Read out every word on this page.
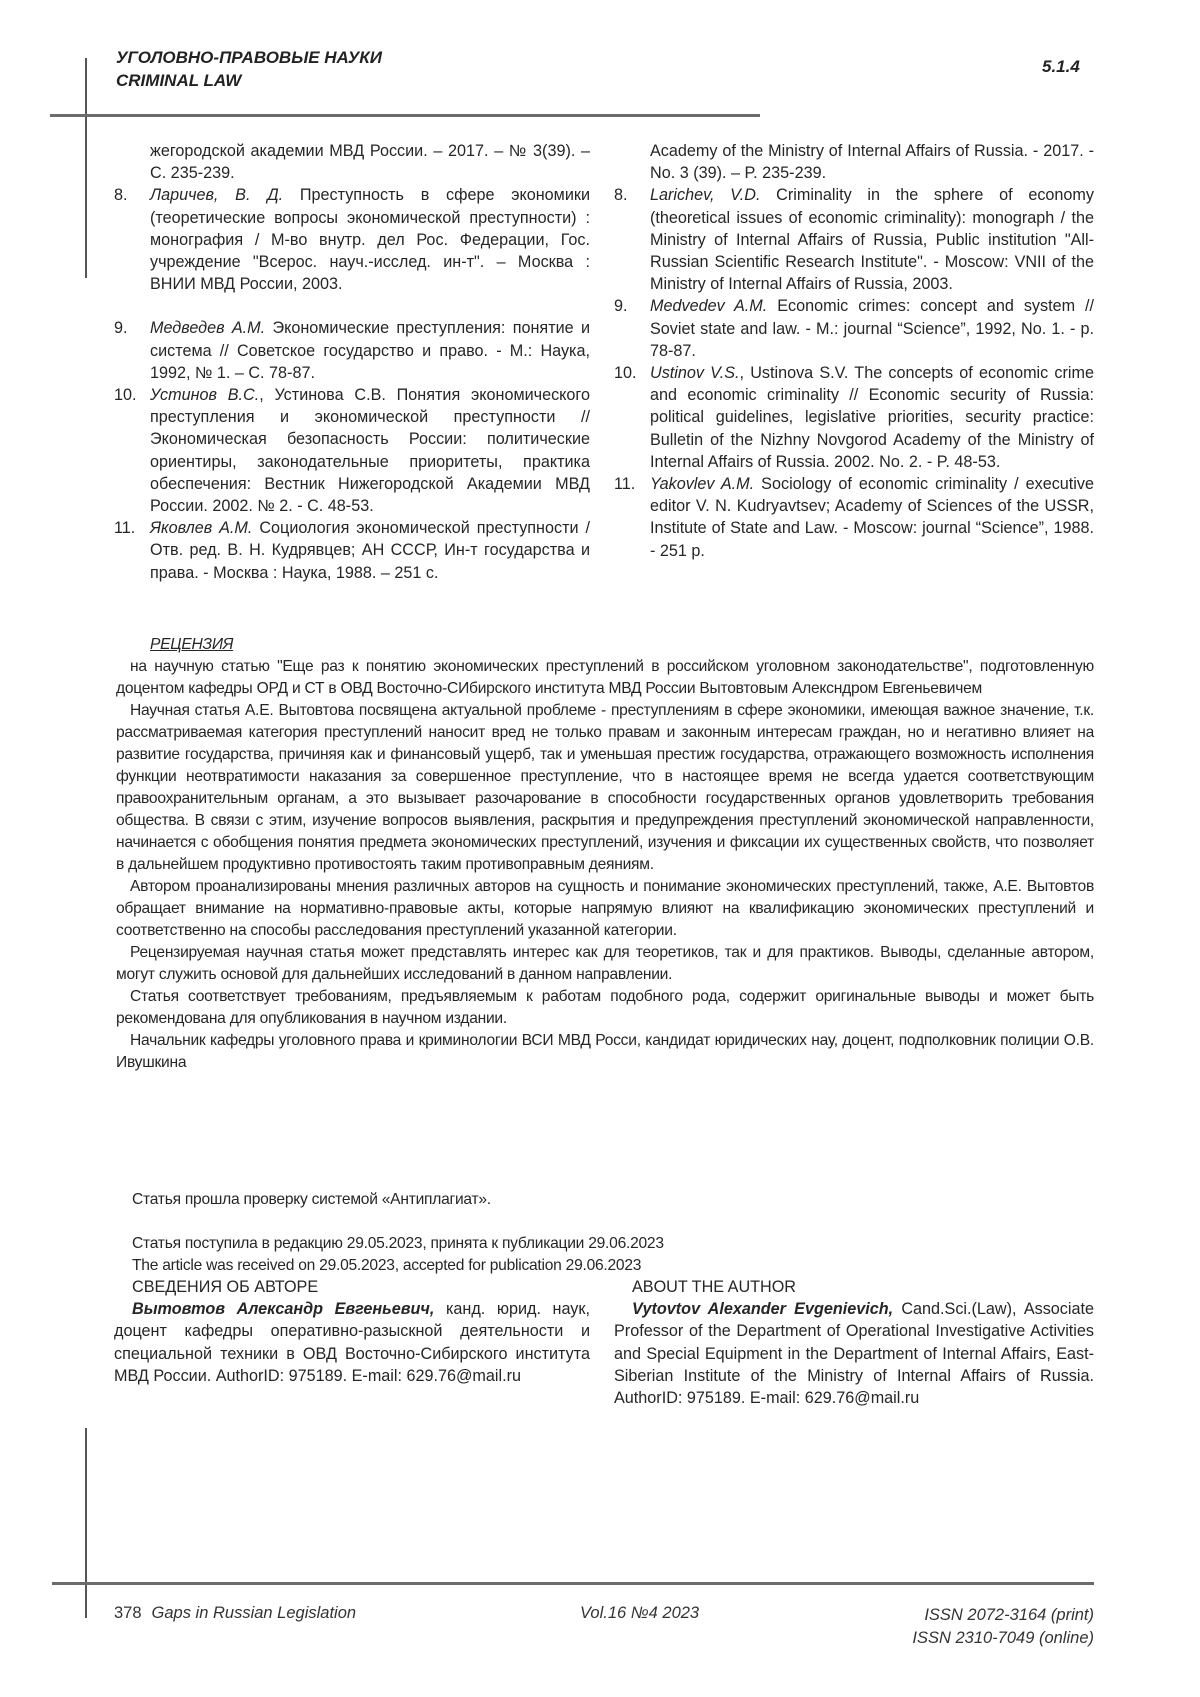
УГОЛОВНО-ПРАВОВЫЕ НАУКИ
CRIMINAL LAW
5.1.4
жегородской академии МВД России. – 2017. – № 3(39). – С. 235-239.
8.	Ларичев, В. Д. Преступность в сфере экономики (теоретические вопросы экономической преступности) : монография / М-во внутр. дел Рос. Федерации, Гос. учреждение "Всерос. науч.-исслед. ин-т". – Москва : ВНИИ МВД России, 2003.
9.	Медведев А.М. Экономические преступления: понятие и система // Советское государство и право. - М.: Наука, 1992, № 1. – С. 78-87.
10. Устинов В.С., Устинова С.В. Понятия экономического преступления и экономической преступности // Экономическая безопасность России: политические ориентиры, законодательные приоритеты, практика обеспечения: Вестник Нижегородской Академии МВД России. 2002. № 2. - С. 48-53.
11. Яковлев А.М. Социология экономической преступности / Отв. ред. В. Н. Кудрявцев; АН СССР, Ин-т государства и права. - Москва : Наука, 1988. – 251 с.
Academy of the Ministry of Internal Affairs of Russia. - 2017. - No. 3 (39). – P. 235-239.
8.	Larichev, V.D. Criminality in the sphere of economy (theoretical issues of economic criminality): monograph / the Ministry of Internal Affairs of Russia, Public institution "All-Russian Scientific Research Institute". - Moscow: VNII of the Ministry of Internal Affairs of Russia, 2003.
9.	Medvedev A.M. Economic crimes: concept and system // Soviet state and law. - M.: journal “Science”, 1992, No. 1. - p. 78-87.
10. Ustinov V.S., Ustinova S.V. The concepts of economic crime and economic criminality // Economic security of Russia: political guidelines, legislative priorities, security practice: Bulletin of the Nizhny Novgorod Academy of the Ministry of Internal Affairs of Russia. 2002. No. 2. - P. 48-53.
11. Yakovlev A.M. Sociology of economic criminality / executive editor V. N. Kudryavtsev; Academy of Sciences of the USSR, Institute of State and Law. - Moscow: journal “Science”, 1988. - 251 p.
РЕЦЕНЗИЯ

на научную статью "Еще раз к понятию экономических преступлений в российском уголовном законодательстве", подготовленную доцентом кафедры ОРД и СТ в ОВД Восточно-СИбирского института МВД России Вытовтовым Алексндром Евгеньевичем

Научная статья А.Е. Вытовтова посвящена актуальной проблеме - преступлениям в сфере экономики, имеющая важное значение, т.к. рассматриваемая категория преступлений наносит вред не только правам и законным интересам граждан, но и негативно влияет на развитие государства, причиняя как и финансовый ущерб, так и уменьшая престиж государства, отражающего возможность исполнения функции неотвратимости наказания за совершенное преступление, что в настоящее время не всегда удается соответствующим правоохранительным органам, а это вызывает разочарование в способности государственных органов удовлетворить требования общества. В связи с этим, изучение вопросов выявления, раскрытия и предупреждения преступлений экономической направленности, начинается с обобщения понятия предмета экономических преступлений, изучения и фиксации их существенных свойств, что позволяет в дальнейшем продуктивно противостоять таким противоправным деяниям.

Автором проанализированы мнения различных авторов на сущность и понимание экономических преступлений, также, А.Е. Вытовтов обращает внимание на нормативно-правовые акты, которые напрямую влияют на квалификацию экономических преступлений и соответственно на способы расследования преступлений указанной категории.

Рецензируемая научная статья может представлять интерес как для теоретиков, так и для практиков. Выводы, сделанные автором, могут служить основой для дальнейших исследований в данном направлении.

Статья соответствует требованиям, предъявляемым к работам подобного рода, содержит оригинальные выводы и может быть рекомендована для опубликования в научном издании.

Начальник кафедры уголовного права и криминологии ВСИ МВД Росси, кандидат юридических нау, доцент, подполковник полиции О.В. Ивушкина

Статья прошла проверку системой «Антиплагиат».
Статья поступила в редакцию 29.05.2023, принята к публикации 29.06.2023
The article was received on 29.05.2023, accepted for publication 29.06.2023
СВЕДЕНИЯ ОБ АВТОРЕ

Вытовтов Александр Евгеньевич, канд. юрид. наук, доцент кафедры оперативно-разыскной деятельности и специальной техники в ОВД Восточно-Сибирского института МВД России. AuthorID: 975189. E-mail: 629.76@mail.ru

ABOUT THE AUTHOR

Vytovtov Alexander Evgenievich, Cand.Sci.(Law), Associate Professor of the Department of Operational Investigative Activities and Special Equipment in the Department of Internal Affairs, East-Siberian Institute of the Ministry of Internal Affairs of Russia. AuthorID: 975189. E-mail: 629.76@mail.ru

378 Gaps in Russian Legislation	Vol.16 №4 2023	ISSN 2072-3164 (print)
ISSN 2310-7049 (online)
